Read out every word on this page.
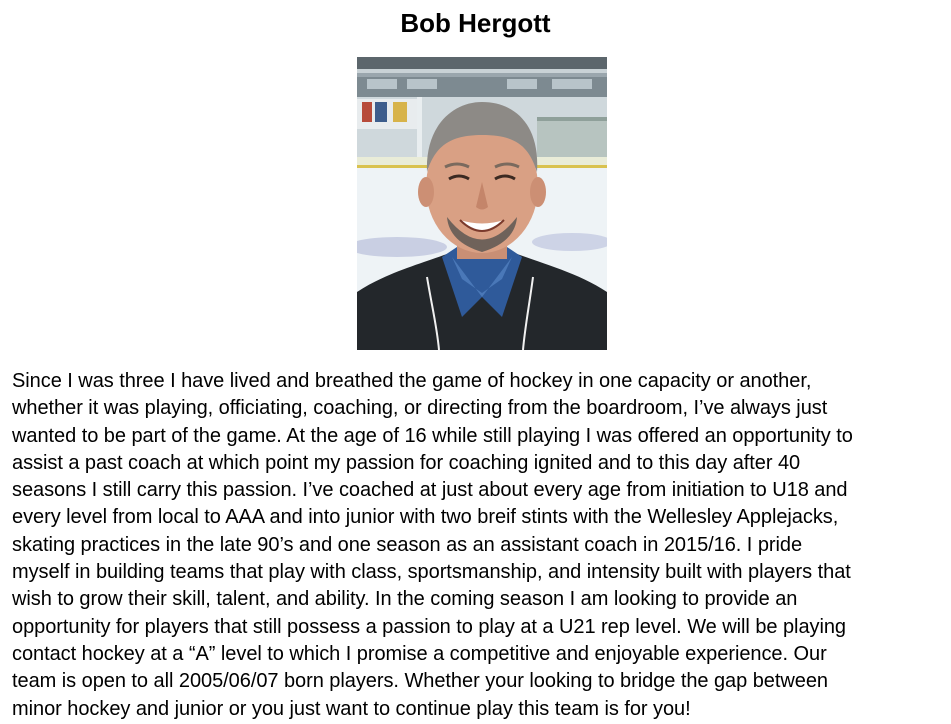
Bob Hergott

Since I was three I have lived and breathed the game of hockey in one capacity or another,
whether it was playing, officiating, coaching, or directing from the boardroom, I’ve always just
wanted to be part of the game. At the age of 16 while still playing I was offered an opportunity to
assist a past coach at which point my passion for coaching ignited and to this day after 40
seasons I still carry this passion. I’ve coached at just about every age from initiation to U18 and
every level from local to AAA and into junior with two breif stints with the Wellesley Applejacks,
skating practices in the late 90’s and one season as an assistant coach in 2015/16. I pride
myself in building teams that play with class, sportsmanship, and intensity built with players that
wish to grow their skill, talent, and ability. In the coming season I am looking to provide an
opportunity for players that still possess a passion to play at a U21 rep level. We will be playing
contact hockey at a “A” level to which I promise a competitive and enjoyable experience. Our
team is open to all 2005/06/07 born players. Whether your looking to bridge the gap between
minor hockey and junior or you just want to continue play this team is for you!
